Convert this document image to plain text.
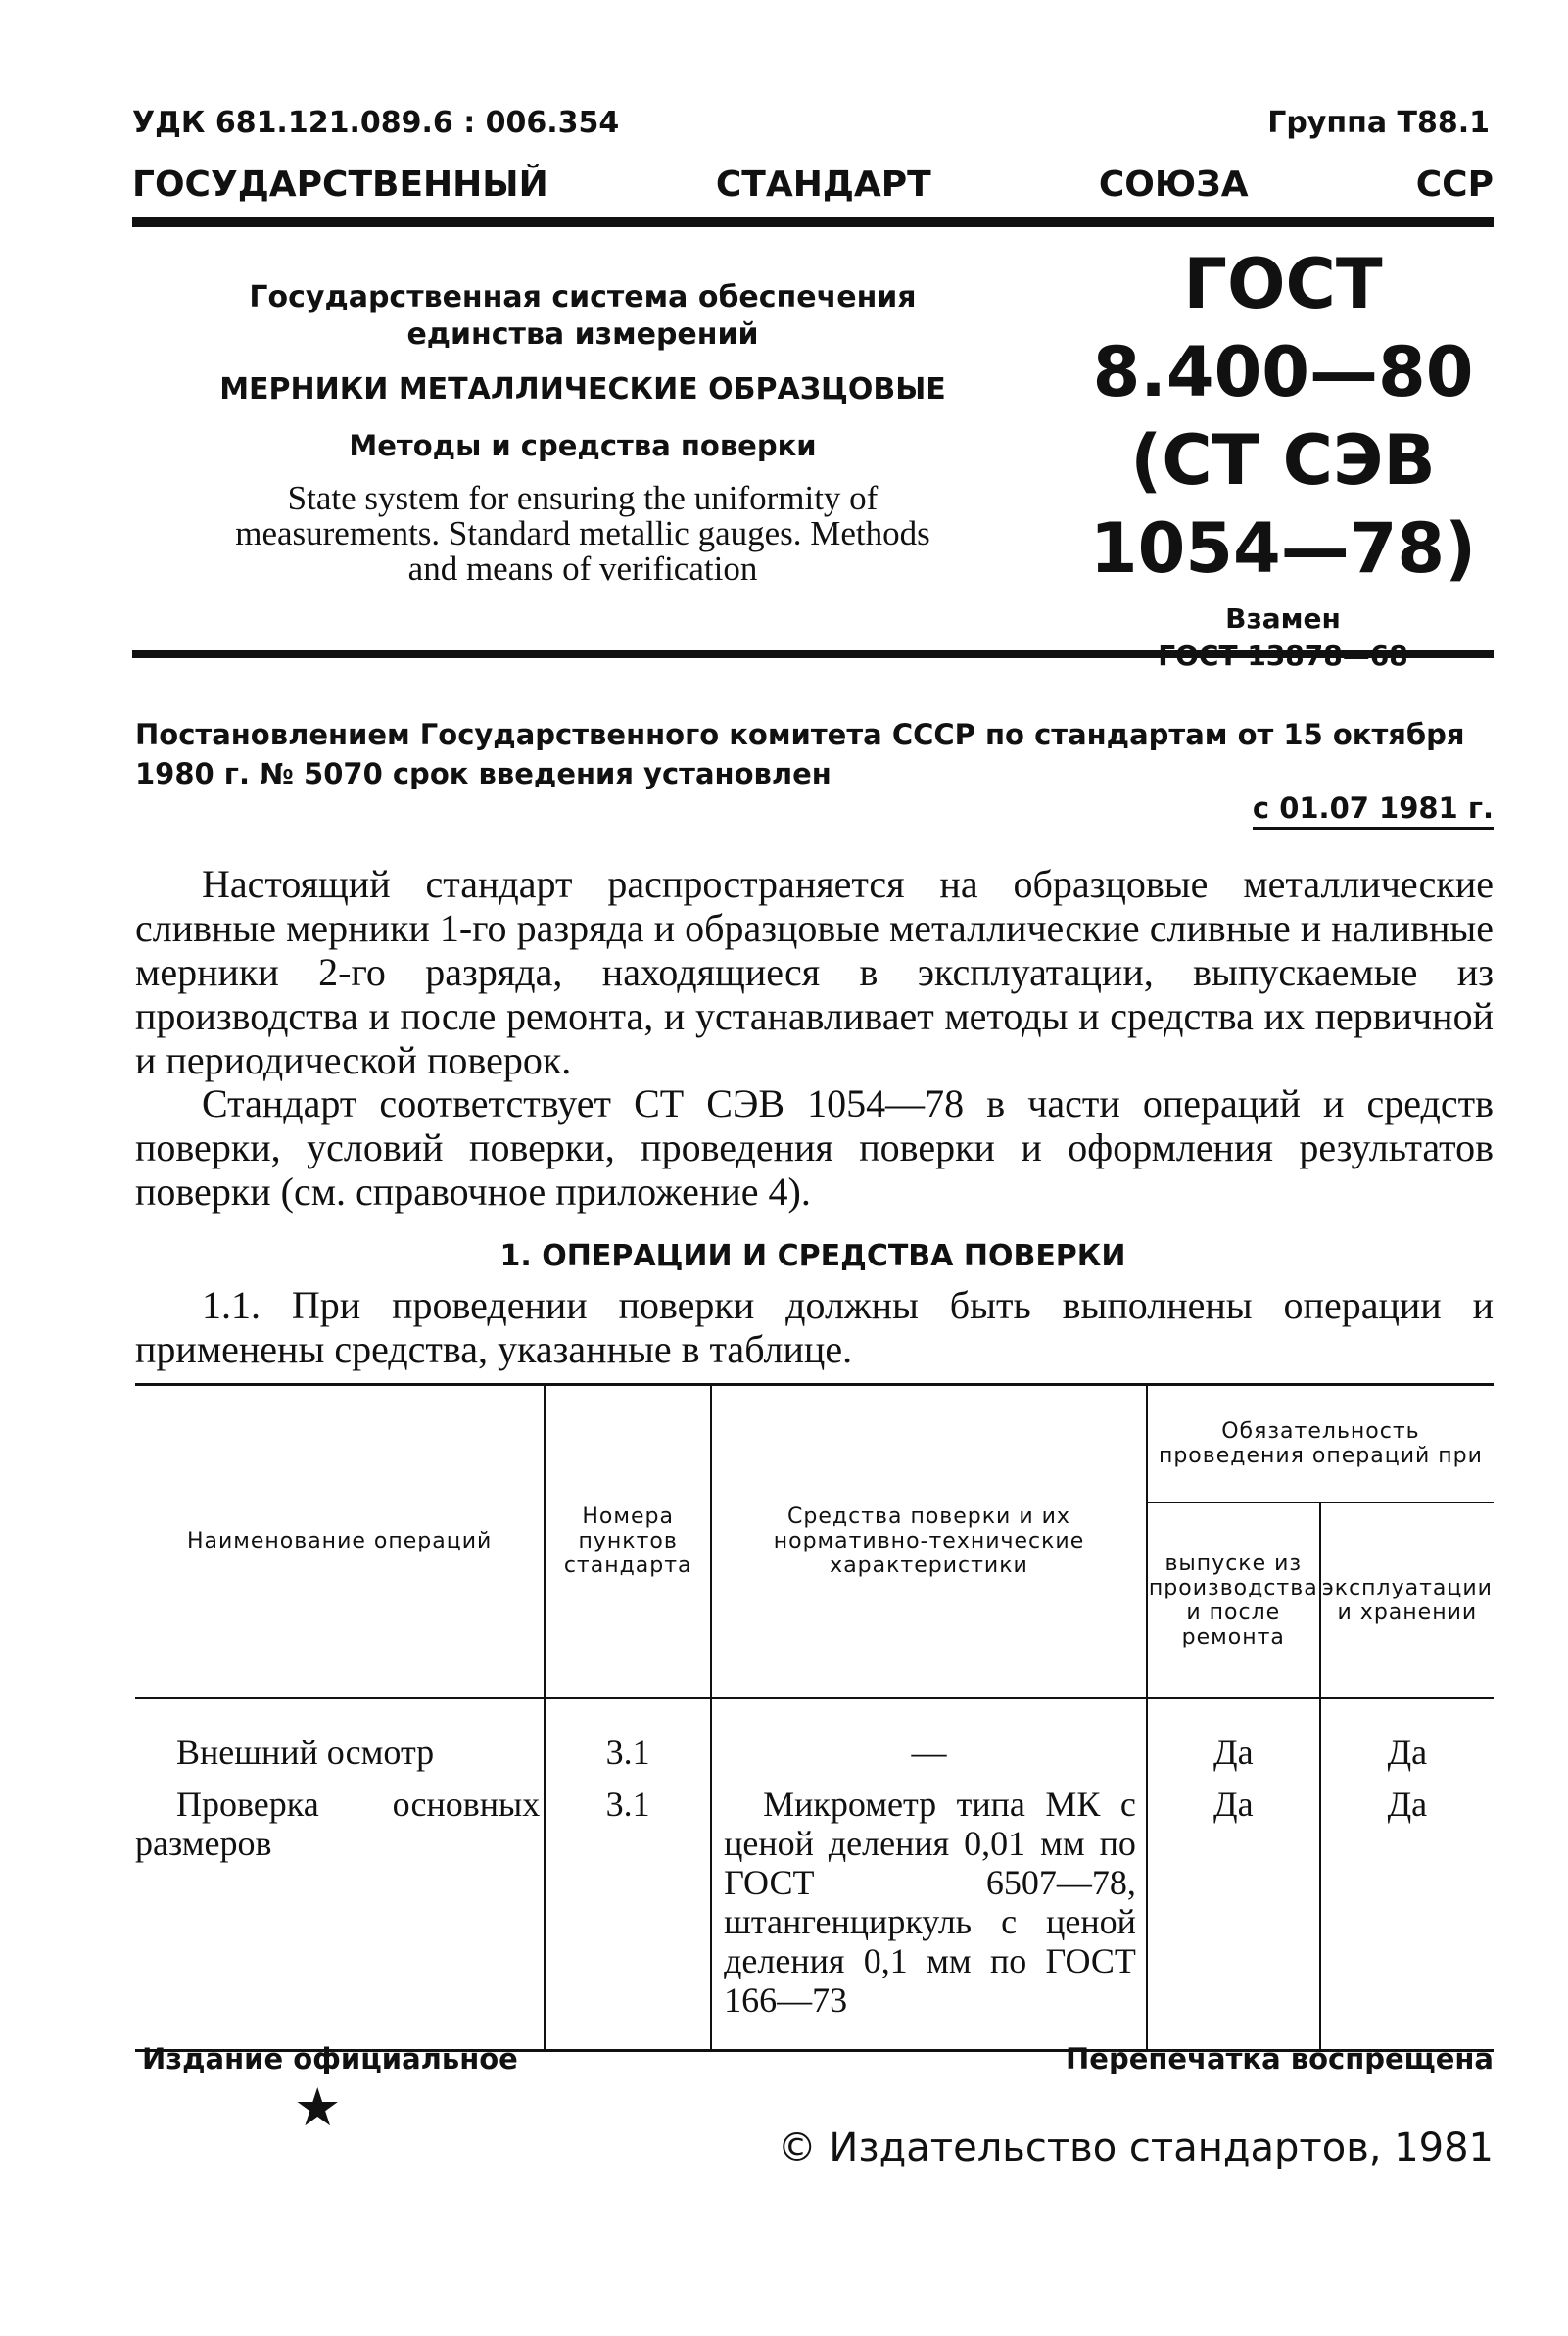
УДК 681.121.089.6 : 006.354	Группа Т88.1
ГОСУДАРСТВЕННЫЙ	СТАНДАРТ	СОЮЗА	ССР
Государственная система обеспечения
единства измерений
МЕРНИКИ МЕТАЛЛИЧЕСКИЕ ОБРАЗЦОВЫЕ
Методы и средства поверки
State system for ensuring the uniformity of
measurements. Standard metallic gauges. Methods
and means of verification
ГОСТ
8.400—80
(СТ СЭВ
1054—78)
Взамен
Постановлением Государственного комитета СССР по стандартам от 15 октября 1980 г. № 5070 срок введения установлен
с 01.07 1981 г.
Настоящий стандарт распространяется на образцовые металлические сливные мерники 1-го разряда и образцовые металлические сливные и наливные мерники 2-го разряда, находящиеся в эксплуатации, выпускаемые из производства и после ремонта, и устанавливает методы и средства их первичной и периодической поверок.
Стандарт соответствует СТ СЭВ 1054—78 в части операций и средств поверки, условий поверки, проведения поверки и оформления результатов поверки (см. справочное приложение 4).
1. ОПЕРАЦИИ И СРЕДСТВА ПОВЕРКИ
1.1. При проведении поверки должны быть выполнены операции и применены средства, указанные в таблице.
Наименование операций	Номера пунктов стандарта	Средства поверки и их нормативно-технические характеристики	Обязательность проведения операций при	
			выпуске из производства и после ремонта	эксплуатации и хранении
Внешний осмотр	3.1	—	Да	Да
Проверка основных размеров	3.1	Микрометр типа МК с ценой деления 0,01 мм по ГОСТ 6507—78, штангенциркуль с ценой деления 0,1 мм по ГОСТ 166—73	Да	Да
Издание официальное	Перепечатка воспрещена
★
© Издательство стандартов, 1981
